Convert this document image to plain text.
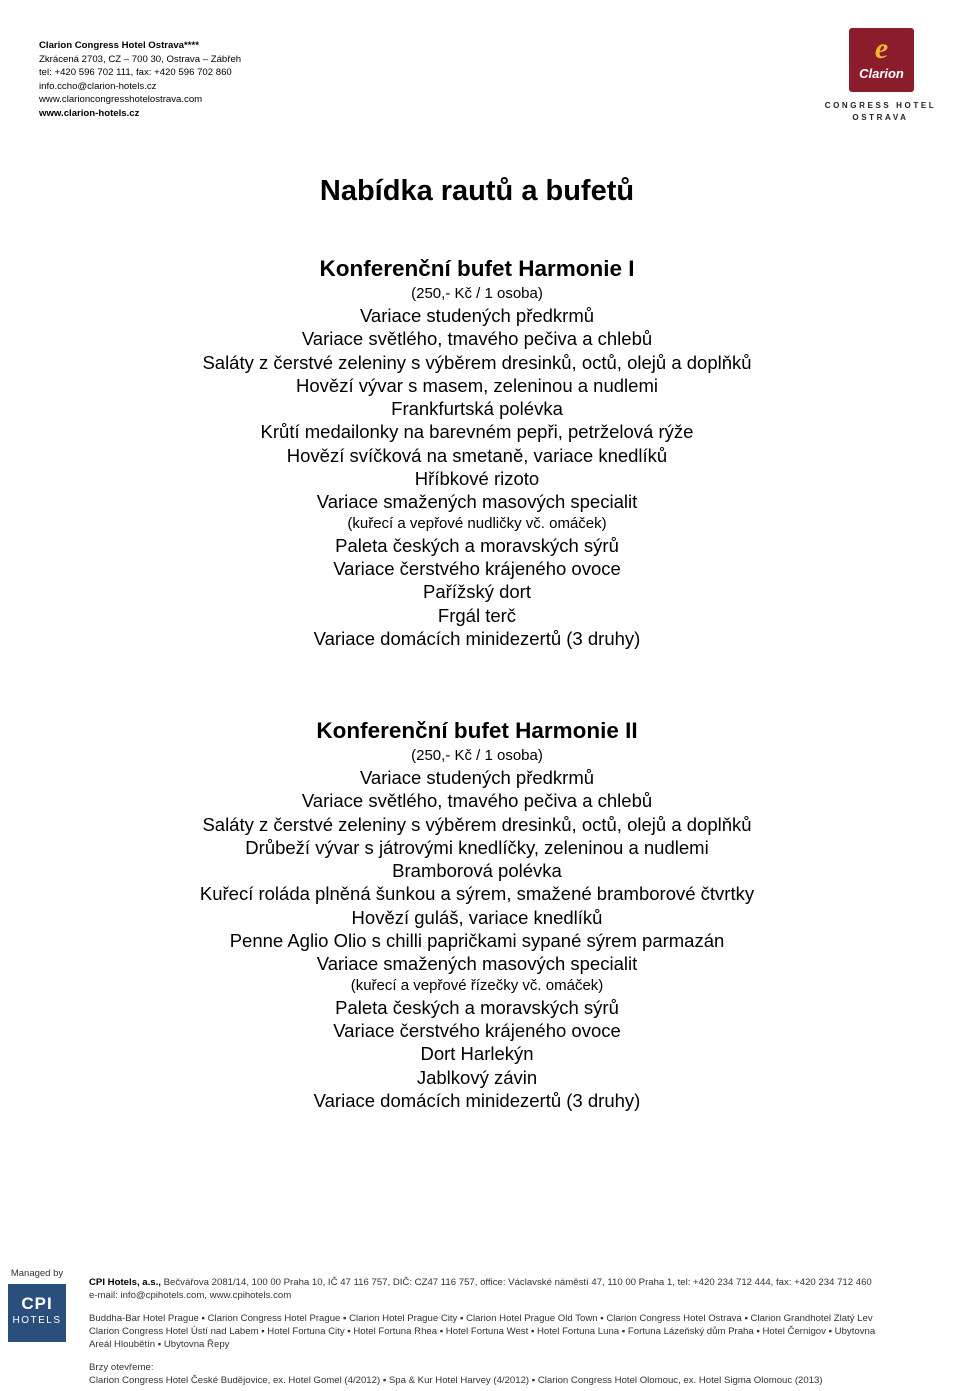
Clarion Congress Hotel Ostrava****
Zkrácená 2703, CZ – 700 30, Ostrava – Zábřeh
tel: +420 596 702 111, fax: +420 596 702 860
info.ccho@clarion-hotels.cz
www.clarioncongresshotelostrava.com
www.clarion-hotels.cz
e
Clarion
CONGRESS HOTEL
OSTRAVA
Nabídka rautů a bufetů
Konferenční bufet Harmonie I
(250,- Kč / 1 osoba)
Variace studených předkrmů
Variace světlého, tmavého pečiva a chlebů
Saláty z čerstvé zeleniny s výběrem dresinků, octů, olejů a doplňků
Hovězí vývar s masem, zeleninou a nudlemi
Frankfurtská polévka
Krůtí medailonky na barevném pepři, petrželová rýže
Hovězí svíčková na smetaně, variace knedlíků
Hříbkové rizoto
Variace smažených masových specialit
(kuřecí a vepřové nudličky vč. omáček)
Paleta českých a moravských sýrů
Variace čerstvého krájeného ovoce
Pařížský dort
Frgál terč
Variace domácích minidezertů (3 druhy)
Konferenční bufet Harmonie II
(250,- Kč / 1 osoba)
Variace studených předkrmů
Variace světlého, tmavého pečiva a chlebů
Saláty z čerstvé zeleniny s výběrem dresinků, octů, olejů a doplňků
Drůbeží vývar s játrovými knedlíčky, zeleninou a nudlemi
Bramborová polévka
Kuřecí roláda plněná šunkou a sýrem, smažené bramborové čtvrtky
Hovězí guláš, variace knedlíků
Penne Aglio Olio s chilli papričkami sypané sýrem parmazán
Variace smažených masových specialit
(kuřecí a vepřové řízečky vč. omáček)
Paleta českých a moravských sýrů
Variace čerstvého krájeného ovoce
Dort Harlekýn
Jablkový závin
Variace domácích minidezertů (3 druhy)
Managed by
CPI
HOTELS
CPI Hotels, a.s., Bečvářova 2081/14, 100 00 Praha 10, IČ 47 116 757, DIČ: CZ47 116 757, office: Václavské náměstí 47, 110 00 Praha 1, tel: +420 234 712 444, fax: +420 234 712 460
e-mail: info@cpihotels.com, www.cpihotels.com
Buddha-Bar Hotel Prague ▪ Clarion Congress Hotel Prague ▪ Clarion Hotel Prague City ▪ Clarion Hotel Prague Old Town ▪ Clarion Congress Hotel Ostrava ▪ Clarion Grandhotel Zlatý Lev
Clarion Congress Hotel Ústí nad Labem ▪ Hotel Fortuna City ▪ Hotel Fortuna Rhea ▪ Hotel Fortuna West ▪ Hotel Fortuna Luna ▪ Fortuna Lázeňský dům Praha ▪ Hotel Černigov ▪ Ubytovna
Areál Hloubětín ▪ Ubytovna Řepy
Brzy otevřeme:
Clarion Congress Hotel České Budějovice, ex. Hotel Gomel (4/2012) ▪ Spa & Kur Hotel Harvey (4/2012) ▪ Clarion Congress Hotel Olomouc, ex. Hotel Sigma Olomouc (2013)
